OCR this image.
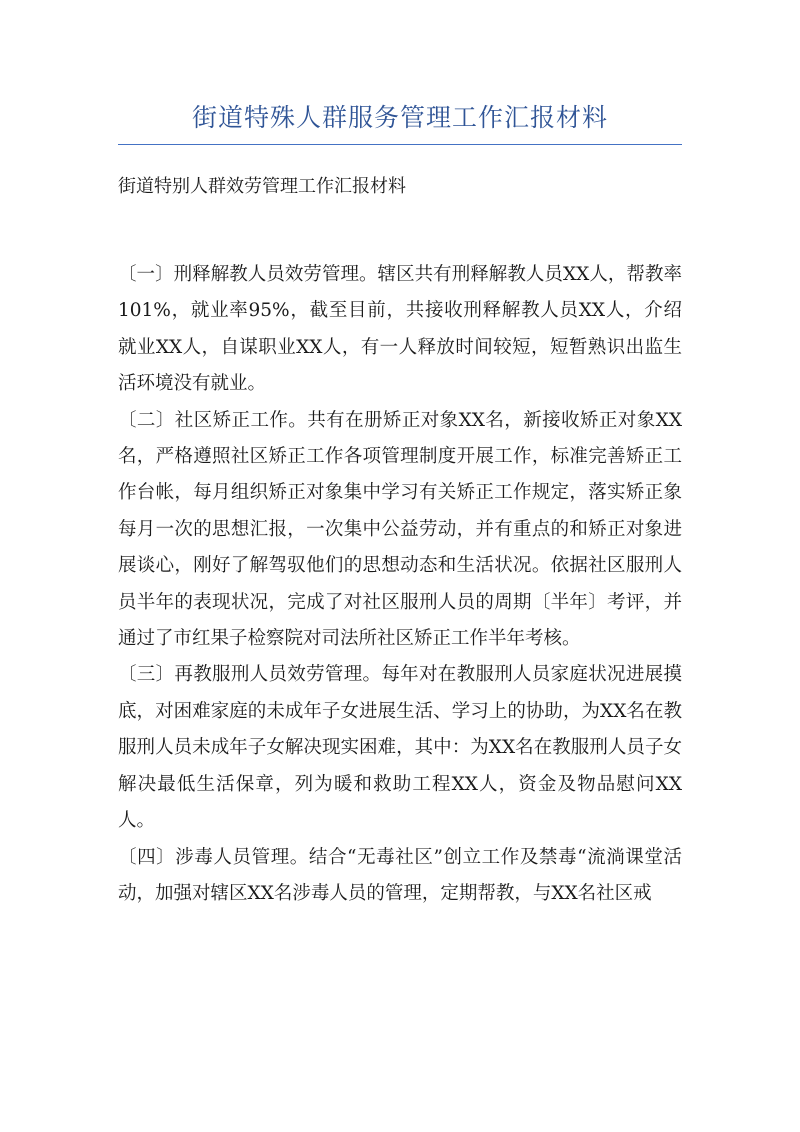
街道特殊人群服务管理工作汇报材料

街道特别人群效劳管理工作汇报材料

〔一〕刑释解教人员效劳管理。辖区共有刑释解教人员XX人，帮教率101%，就业率95%，截至目前，共接收刑释解教人员XX人，介绍就业XX人，自谋职业XX人，有一人释放时间较短，短暂熟识出监生活环境没有就业。

〔二〕社区矫正工作。共有在册矫正对象XX名，新接收矫正对象XX名，严格遵照社区矫正工作各项管理制度开展工作，标准完善矫正工作台帐，每月组织矫正对象集中学习有关矫正工作规定，落实矫正象每月一次的思想汇报，一次集中公益劳动，并有重点的和矫正对象进展谈心，刚好了解驾驭他们的思想动态和生活状况。依据社区服刑人员半年的表现状况，完成了对社区服刑人员的周期〔半年〕考评，并通过了市红果子检察院对司法所社区矫正工作半年考核。

〔三〕再教服刑人员效劳管理。每年对在教服刑人员家庭状况进展摸底，对困难家庭的未成年子女进展生活、学习上的协助，为XX名在教服刑人员未成年子女解决现实困难，其中：为XX名在教服刑人员子女解决最低生活保章，列为暖和救助工程XX人，资金及物品慰问XX人。

〔四〕涉毒人员管理。结合“无毒社区”创立工作及禁毒“流淌课堂活动，加强对辖区XX名涉毒人员的管理，定期帮教，与XX名社区戒
